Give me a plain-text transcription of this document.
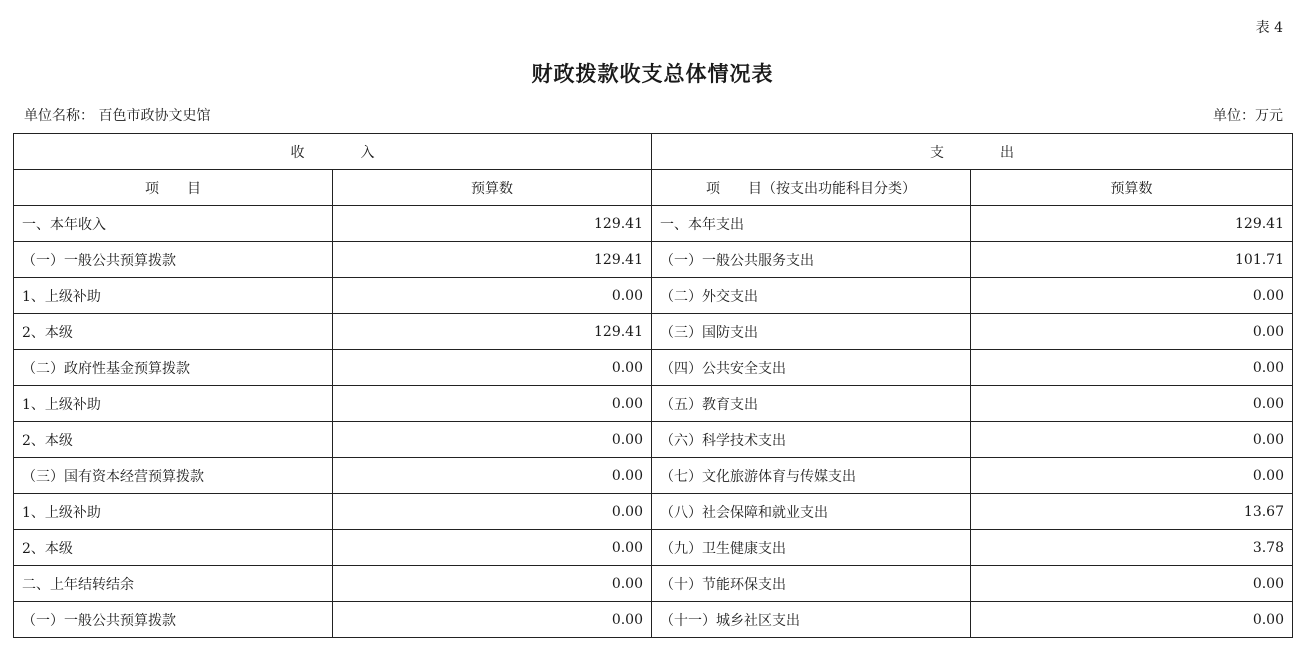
表 4
财政拨款收支总体情况表
单位名称： 百色市政协文史馆	单位：万元
收　　　　入		支　　　　出	
项　　目	预算数	项　　目（按支出功能科目分类）	预算数
一、本年收入	129.41	一、本年支出	129.41
（一）一般公共预算拨款	129.41	（一）一般公共服务支出	101.71
1、上级补助	0.00	（二）外交支出	0.00
2、本级	129.41	（三）国防支出	0.00
（二）政府性基金预算拨款	0.00	（四）公共安全支出	0.00
1、上级补助	0.00	（五）教育支出	0.00
2、本级	0.00	（六）科学技术支出	0.00
（三）国有资本经营预算拨款	0.00	（七）文化旅游体育与传媒支出	0.00
1、上级补助	0.00	（八）社会保障和就业支出	13.67
2、本级	0.00	（九）卫生健康支出	3.78
二、上年结转结余	0.00	（十）节能环保支出	0.00
（一）一般公共预算拨款	0.00	（十一）城乡社区支出	0.00
